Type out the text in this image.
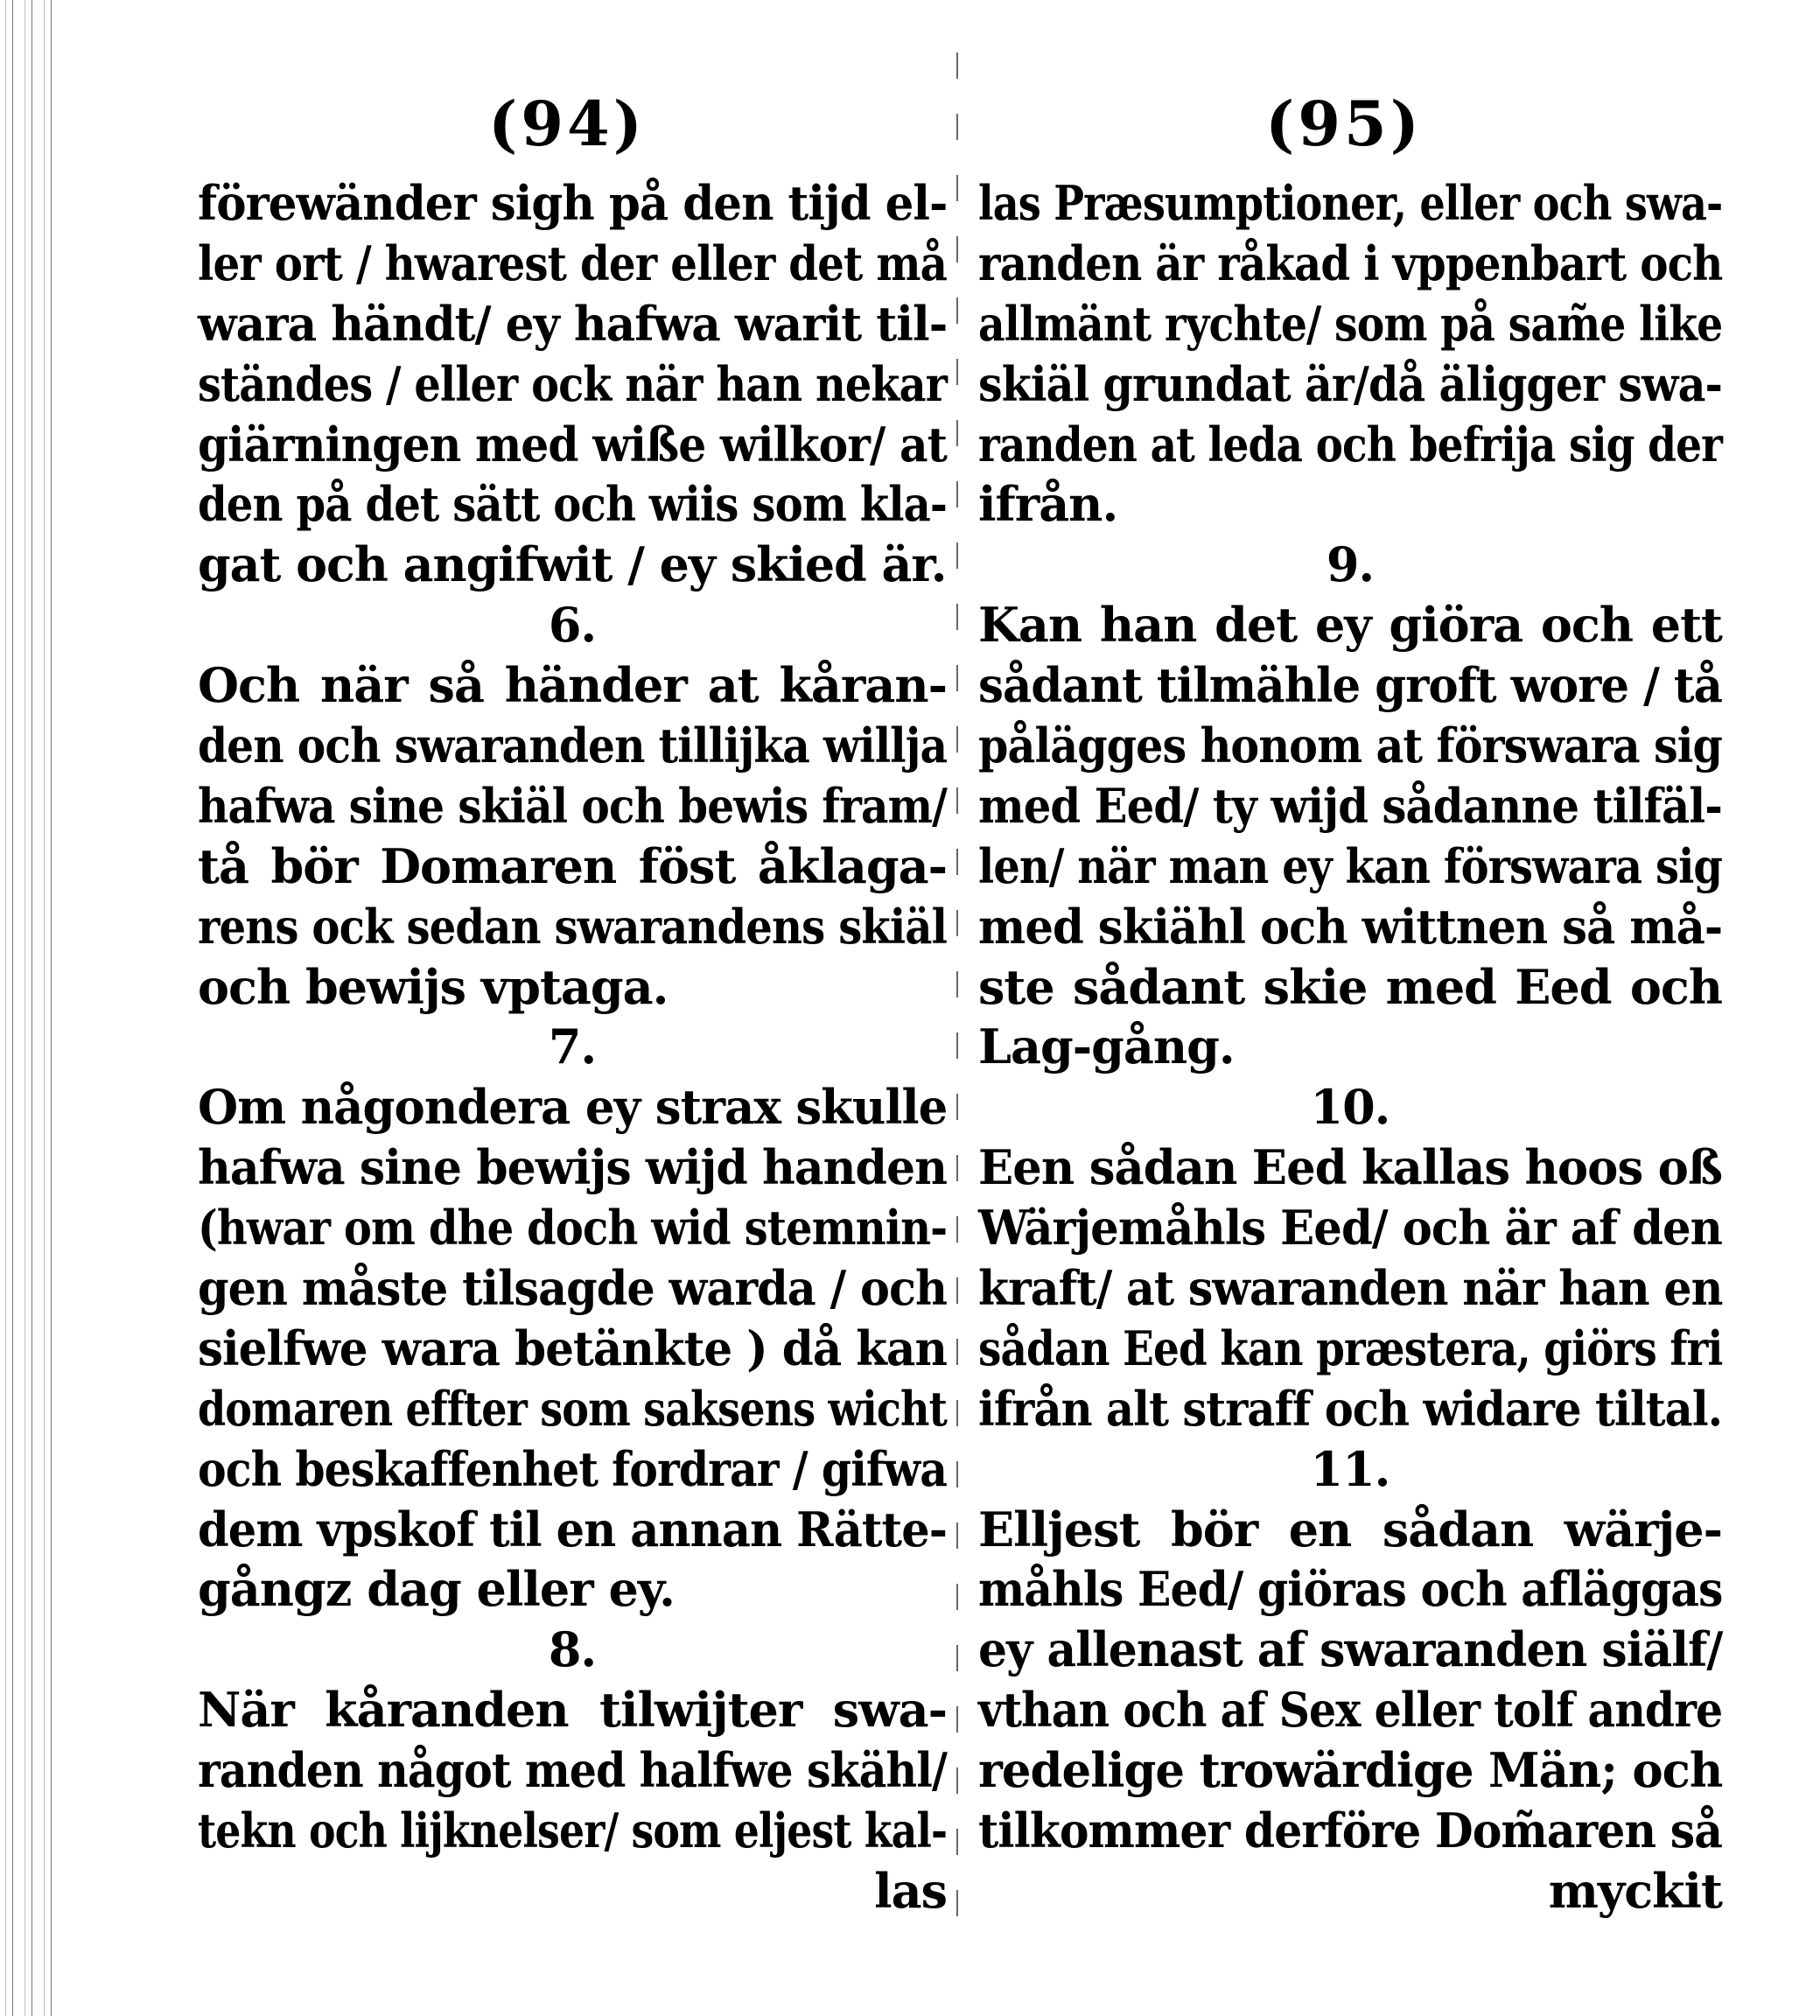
(94)	(95)
förewänder sigh på den tijd el-
ler ort / hwarest der eller det må
wara händt/ ey hafwa warit til-
ständes / eller ock när han nekar
giärningen med wiße wilkor/ at
den på det sätt och wiis som kla-
gat och angifwit / ey skied är.
6.
Och när så händer at kåran-
den och swaranden tillijka willja
hafwa sine skiäl och bewis fram/
tå bör Domaren föst åklaga-
rens ock sedan swarandens skiäl
och bewijs vptaga.
7.
Om någondera ey strax skulle
hafwa sine bewijs wijd handen
(hwar om dhe doch wid stemnin-
gen måste tilsagde warda / och
sielfwe wara betänkte ) då kan
domaren effter som saksens wicht
och beskaffenhet fordrar / gifwa
dem vpskof til en annan Rätte-
gångz dag eller ey.
8.
När kåranden tilwijter swa-
randen något med halfwe skähl/
tekn och lijknelser/ som eljest kal-
las
las Præsumptioner, eller och swa-
randen är råkad i vppenbart och
allmänt rychte/ som på sam̃e like
skiäl grundat är/då äligger swa-
randen at leda och befrija sig der
ifrån.
9.
Kan han det ey giöra och ett
sådant tilmähle groft wore / tå
pålägges honom at förswara sig
med Eed/ ty wijd sådanne tilfäl-
len/ när man ey kan förswara sig
med skiähl och wittnen så må-
ste sådant skie med Eed och
Lag-gång.
10.
Een sådan Eed kallas hoos oß
Wärjemåhls Eed/ och är af den
kraft/ at swaranden när han en
sådan Eed kan præstera, giörs fri
ifrån alt straff och widare tiltal.
11.
Elljest bör en sådan wärje-
måhls Eed/ giöras och afläggas
ey allenast af swaranden siälf/
vthan och af Sex eller tolf andre
redelige trowärdige Män; och
tilkommer derföre Dom̃aren så
myckit
